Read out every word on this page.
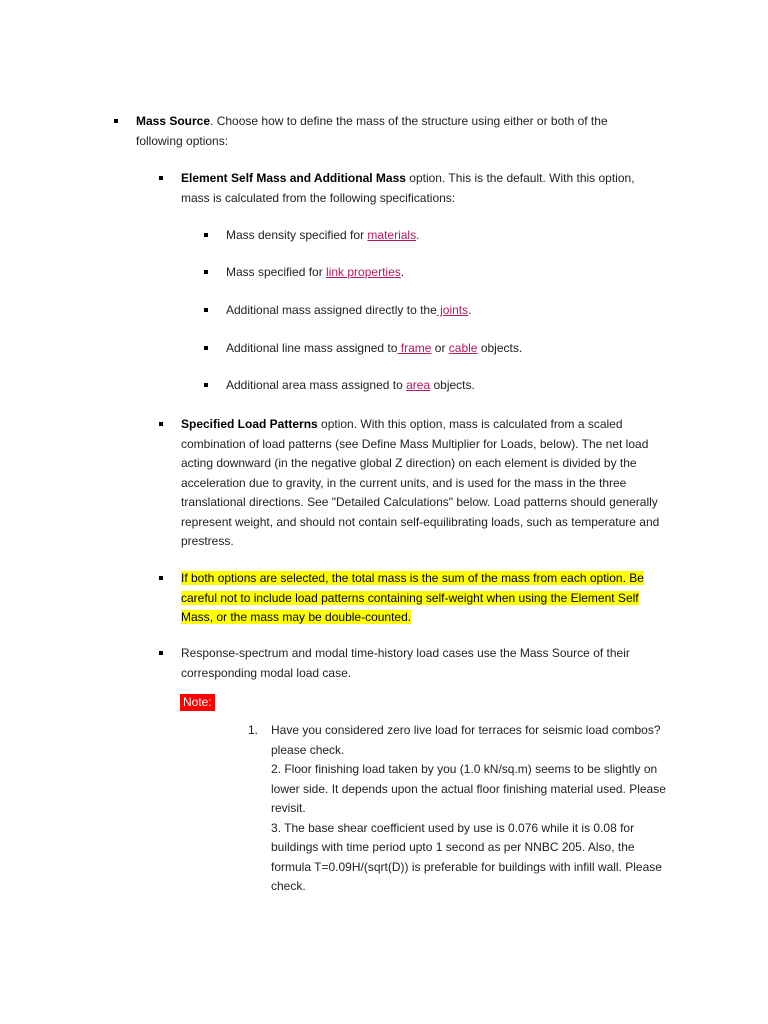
Mass Source. Choose how to define the mass of the structure using either or both of the following options:
Element Self Mass and Additional Mass option. This is the default. With this option, mass is calculated from the following specifications:
Mass density specified for materials.
Mass specified for link properties.
Additional mass assigned directly to the joints.
Additional line mass assigned to frame or cable objects.
Additional area mass assigned to area objects.
Specified Load Patterns option. With this option, mass is calculated from a scaled combination of load patterns (see Define Mass Multiplier for Loads, below). The net load acting downward (in the negative global Z direction) on each element is divided by the acceleration due to gravity, in the current units, and is used for the mass in the three translational directions. See "Detailed Calculations" below. Load patterns should generally represent weight, and should not contain self-equilibrating loads, such as temperature and prestress.
If both options are selected, the total mass is the sum of the mass from each option. Be careful not to include load patterns containing self-weight when using the Element Self Mass, or the mass may be double-counted.
Response-spectrum and modal time-history load cases use the Mass Source of their corresponding modal load case.
Note:
1. Have you considered zero live load for terraces for seismic load combos? please check.
2. Floor finishing load taken by you (1.0 kN/sq.m) seems to be slightly on lower side. It depends upon the actual floor finishing material used. Please revisit.
3. The base shear coefficient used by use is 0.076 while it is 0.08 for buildings with time period upto 1 second as per NNBC 205. Also, the formula T=0.09H/(sqrt(D)) is preferable for buildings with infill wall. Please check.
